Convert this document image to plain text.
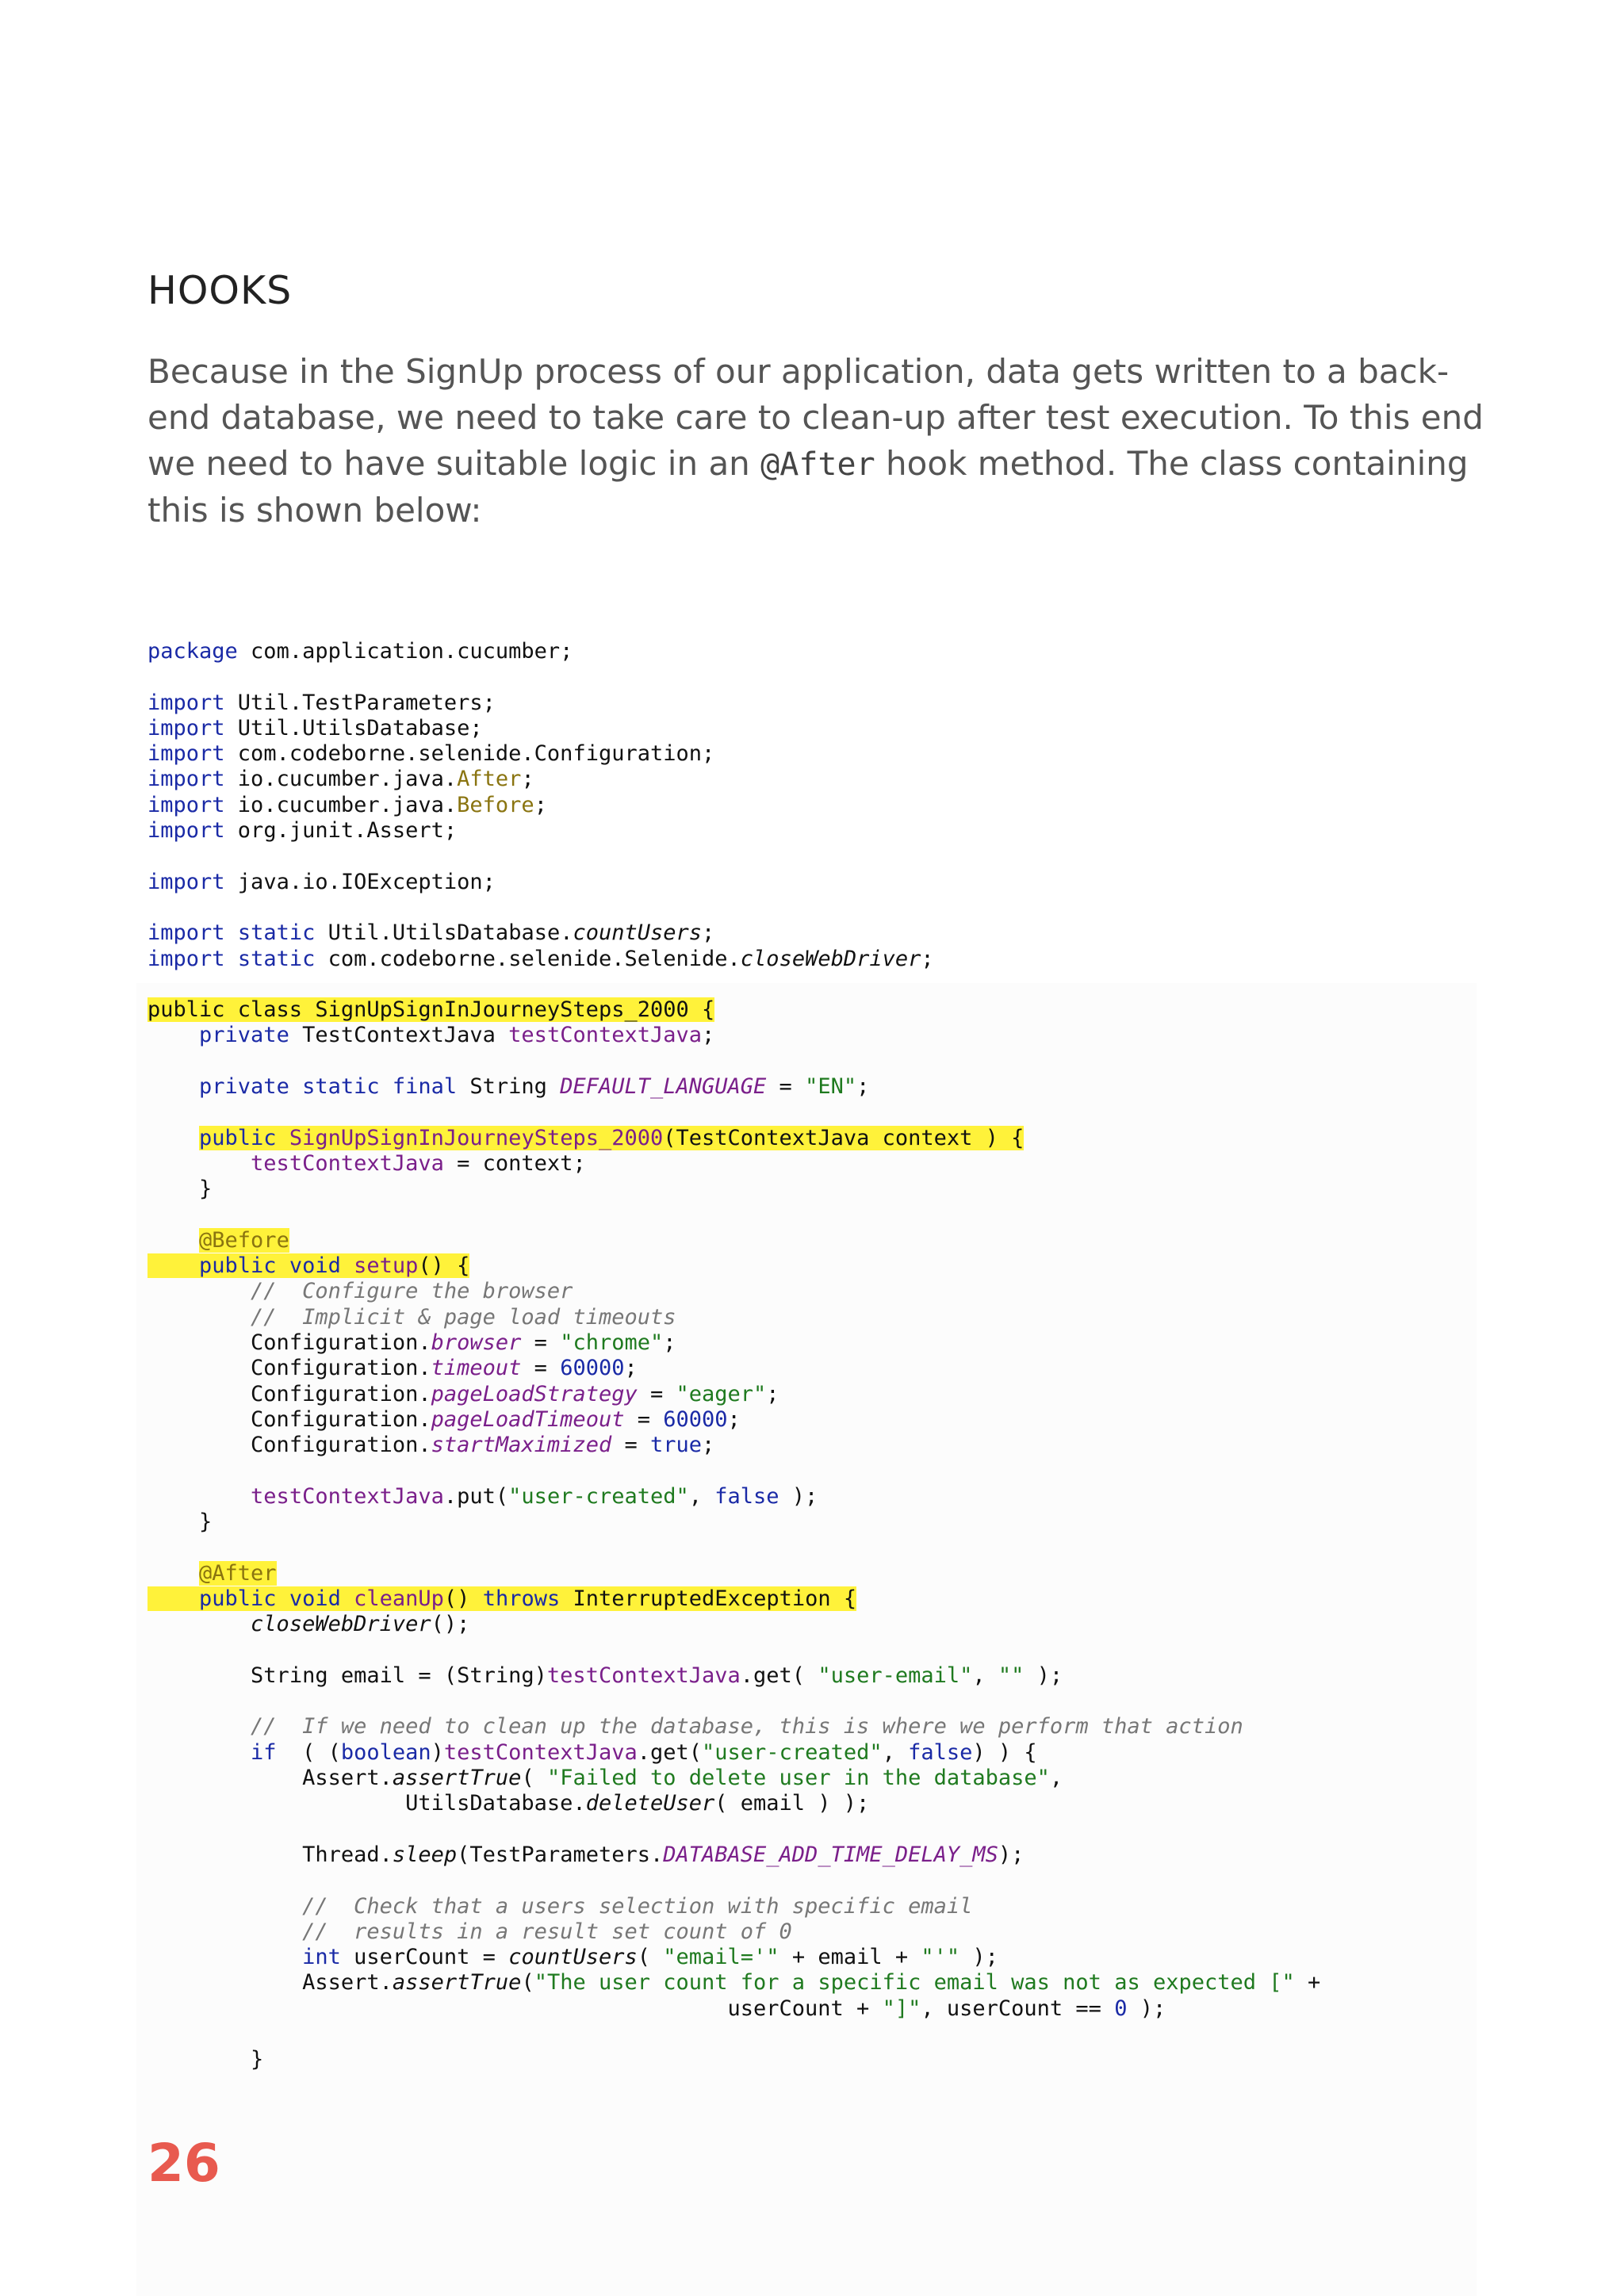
HOOKS
Because in the SignUp process of our application, data gets written to a back-end database, we need to take care to clean-up after test execution. To this end we need to have suitable logic in an @After hook method. The class containing this is shown below:
package com.application.cucumber;
import Util.TestParameters;
import Util.UtilsDatabase;
import com.codeborne.selenide.Configuration;
import io.cucumber.java.After;
import io.cucumber.java.Before;
import org.junit.Assert;
import java.io.IOException;
import static Util.UtilsDatabase.countUsers;
import static com.codeborne.selenide.Selenide.closeWebDriver;
public class SignUpSignInJourneySteps_2000 {
private TestContextJava testContextJava;
private static final String DEFAULT_LANGUAGE = "EN";
public SignUpSignInJourneySteps_2000(TestContextJava context ) {
testContextJava = context;
}
@Before
public void setup() {
//  Configure the browser
//  Implicit & page load timeouts
Configuration.browser = "chrome";
Configuration.timeout = 60000;
Configuration.pageLoadStrategy = "eager";
Configuration.pageLoadTimeout = 60000;
Configuration.startMaximized = true;
testContextJava.put("user-created", false );
}
@After
public void cleanUp() throws InterruptedException {
closeWebDriver();
String email = (String)testContextJava.get( "user-email", "" );
//  If we need to clean up the database, this is where we perform that action
if  ( (boolean)testContextJava.get("user-created", false) ) {
Assert.assertTrue( "Failed to delete user in the database",
UtilsDatabase.deleteUser( email ) );
Thread.sleep(TestParameters.DATABASE_ADD_TIME_DELAY_MS);
//  Check that a users selection with specific email
//  results in a result set count of 0
int userCount = countUsers( "email='" + email + "'" );
Assert.assertTrue("The user count for a specific email was not as expected [" +
userCount + "]", userCount == 0 );
}
26
